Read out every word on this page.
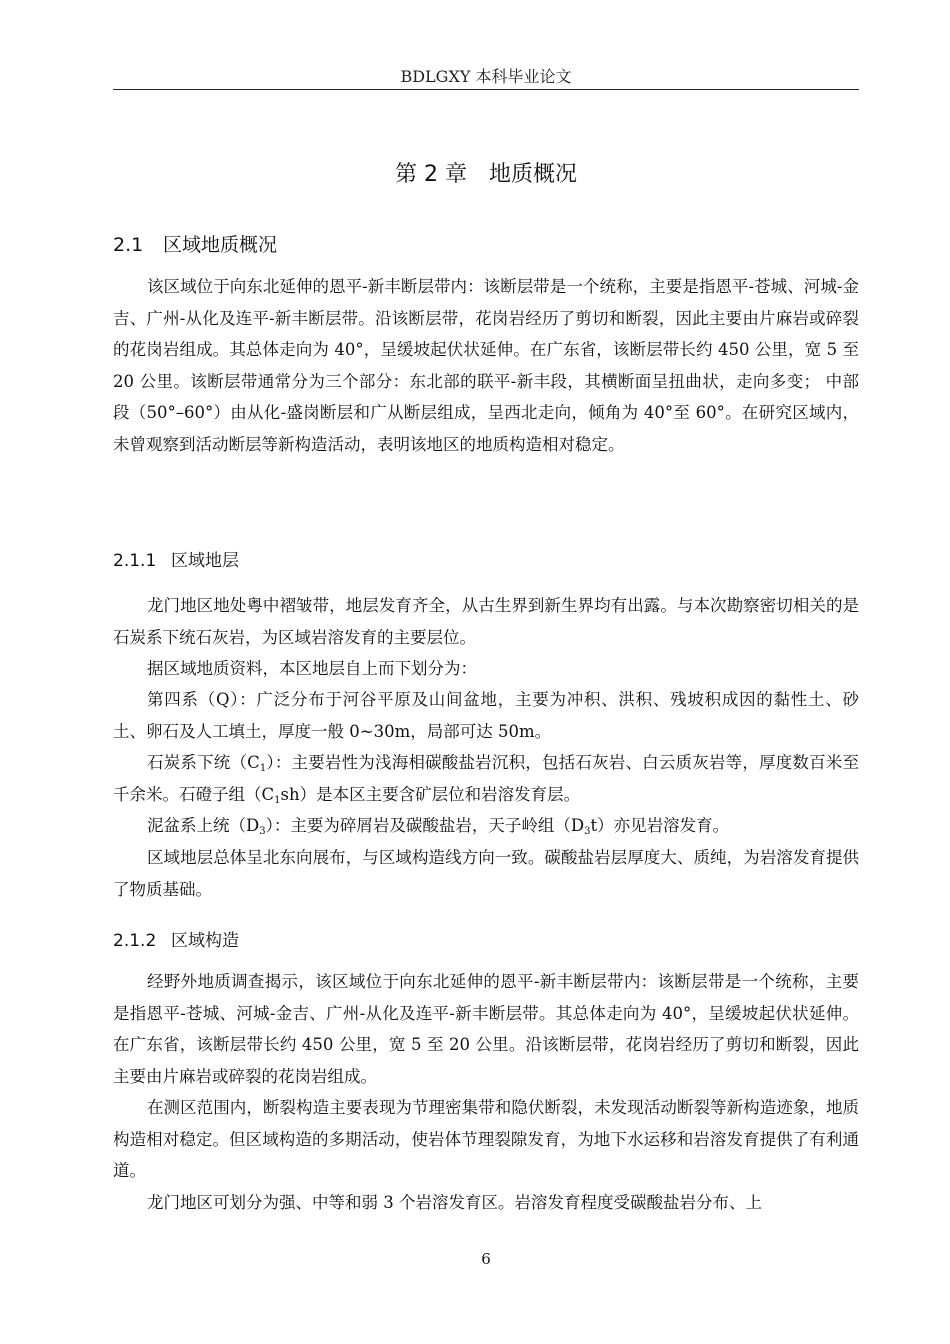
BDLGXY 本科毕业论文
第 2 章 地质概况
2.1 区域地质概况

该区域位于向东北延伸的恩平-新丰断层带内：该断层带是一个统称，主要是指恩平-苍城、河城-金吉、广州-从化及连平-新丰断层带。沿该断层带，花岗岩经历了剪切和断裂，因此主要由片麻岩或碎裂的花岗岩组成。其总体走向为 40°，呈缓坡起伏状延伸。在广东省，该断层带长约 450 公里，宽 5 至 20 公里。该断层带通常分为三个部分：东北部的联平-新丰段，其横断面呈扭曲状，走向多变； 中部段（50°–60°）由从化-盛岗断层和广从断层组成，呈西北走向，倾角为 40°至 60°。在研究区域内，未曾观察到活动断层等新构造活动，表明该地区的地质构造相对稳定。

2.1.1 区域地层

龙门地区地处粤中褶皱带，地层发育齐全，从古生界到新生界均有出露。与本次勘察密切相关的是石炭系下统石灰岩，为区域岩溶发育的主要层位。

据区域地质资料，本区地层自上而下划分为：

第四系（Q）：广泛分布于河谷平原及山间盆地，主要为冲积、洪积、残坡积成因的黏性土、砂土、卵石及人工填土，厚度一般 0~30m，局部可达 50m。

石炭系下统$(C_1)$：主要岩性为浅海相碳酸盐岩沉积，包括石灰岩、白云质灰岩等，厚度数百米至千余米。石磴子组$(C_1sh)$是本区主要含矿层位和岩溶发育层。

泥盆系上统$(D_3)$：主要为碎屑岩及碳酸盐岩，天子岭组$(D_3t)$亦见岩溶发育。

区域地层总体呈北东向展布，与区域构造线方向一致。碳酸盐岩层厚度大、质纯，为岩溶发育提供了物质基础。

2.1.2 区域构造

经野外地质调查揭示，该区域位于向东北延伸的恩平-新丰断层带内：该断层带是一个统称，主要是指恩平-苍城、河城-金吉、广州-从化及连平-新丰断层带。其总体走向为 40°，呈缓坡起伏状延伸。在广东省，该断层带长约 450 公里，宽 5 至 20 公里。沿该断层带，花岗岩经历了剪切和断裂，因此主要由片麻岩或碎裂的花岗岩组成。

在测区范围内，断裂构造主要表现为节理密集带和隐伏断裂，未发现活动断裂等新构造迹象，地质构造相对稳定。但区域构造的多期活动，使岩体节理裂隙发育，为地下水运移和岩溶发育提供了有利通道。

龙门地区可划分为强、中等和弱 3 个岩溶发育区。岩溶发育程度受碳酸盐岩分布、上
6
